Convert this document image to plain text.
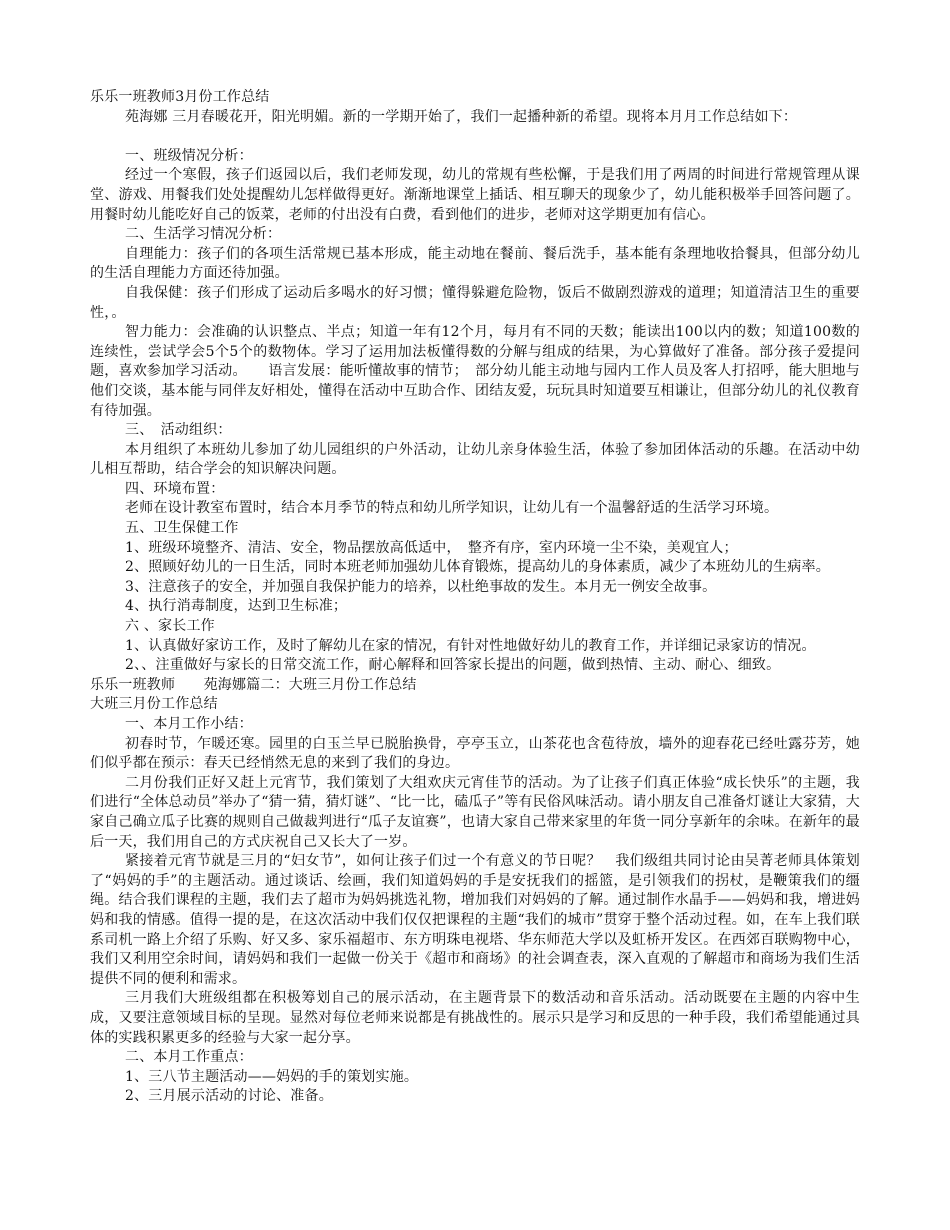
乐乐一班教师3月份工作总结

苑海娜 三月春暖花开，阳光明媚。新的一学期开始了，我们一起播种新的希望。现将本月月工作总结如下：

一、班级情况分析：

经过一个寒假，孩子们返园以后，我们老师发现，幼儿的常规有些松懈，于是我们用了两周的时间进行常规管理从课堂、游戏、用餐我们处处提醒幼儿怎样做得更好。渐渐地课堂上插话、相互聊天的现象少了，幼儿能积极举手回答问题了。用餐时幼儿能吃好自己的饭菜，老师的付出没有白费，看到他们的进步，老师对这学期更加有信心。

二、生活学习情况分析：

自理能力：孩子们的各项生活常规已基本形成，能主动地在餐前、餐后洗手，基本能有条理地收拾餐具，但部分幼儿的生活自理能力方面还待加强。

自我保健：孩子们形成了运动后多喝水的好习惯；懂得躲避危险物，饭后不做剧烈游戏的道理；知道清洁卫生的重要性，。

智力能力：会准确的认识整点、半点；知道一年有12个月，每月有不同的天数；能读出100以内的数；知道100数的连续性，尝试学会5个5个的数物体。学习了运用加法板懂得数的分解与组成的结果，为心算做好了准备。部分孩子爱提问题，喜欢参加学习活动。　　语言发展：能听懂故事的情节；　部分幼儿能主动地与园内工作人员及客人打招呼，能大胆地与他们交谈，基本能与同伴友好相处，懂得在活动中互助合作、团结友爱，玩玩具时知道要互相谦让，但部分幼儿的礼仪教育有待加强。

三、　活动组织：

本月组织了本班幼儿参加了幼儿园组织的户外活动，让幼儿亲身体验生活，体验了参加团体活动的乐趣。在活动中幼儿相互帮助，结合学会的知识解决问题。

四、环境布置：

老师在设计教室布置时，结合本月季节的特点和幼儿所学知识，让幼儿有一个温馨舒适的生活学习环境。

五、卫生保健工作

1、班级环境整齐、清洁、安全，物品摆放高低适中，　整齐有序，室内环境一尘不染，美观宜人；

2、照顾好幼儿的一日生活，同时本班老师加强幼儿体育锻炼，提高幼儿的身体素质，减少了本班幼儿的生病率。

3、注意孩子的安全，并加强自我保护能力的培养，以杜绝事故的发生。本月无一例安全故事。

4、执行消毒制度，达到卫生标准；

六 、家长工作

1、认真做好家访工作，及时了解幼儿在家的情况，有针对性地做好幼儿的教育工作，并详细记录家访的情况。

2、、注重做好与家长的日常交流工作，耐心解释和回答家长提出的问题，做到热情、主动、耐心、细致。

乐乐一班教师　　苑海娜篇二：大班三月份工作总结

大班三月份工作总结

一、本月工作小结：

初春时节，乍暖还寒。园里的白玉兰早已脱胎换骨，亭亭玉立，山茶花也含苞待放，墙外的迎春花已经吐露芬芳，她们似乎都在预示：春天已经悄然无息的来到了我们的身边。

二月份我们正好又赶上元宵节，我们策划了大组欢庆元宵佳节的活动。为了让孩子们真正体验“成长快乐”的主题，我们进行“全体总动员”举办了“猜一猜，猜灯谜”、“比一比，磕瓜子”等有民俗风味活动。请小朋友自己准备灯谜让大家猜，大家自己确立瓜子比赛的规则自己做裁判进行“瓜子友谊赛”，也请大家自己带来家里的年货一同分享新年的余味。在新年的最后一天，我们用自己的方式庆祝自己又长大了一岁。

紧接着元宵节就是三月的“妇女节”，如何让孩子们过一个有意义的节日呢？　我们级组共同讨论由吴菁老师具体策划了“妈妈的手”的主题活动。通过谈话、绘画，我们知道妈妈的手是安抚我们的摇篮，是引领我们的拐杖，是鞭策我们的缰绳。结合我们课程的主题，我们去了超市为妈妈挑选礼物，增加我们对妈妈的了解。通过制作水晶手——妈妈和我，增进妈妈和我的情感。值得一提的是，在这次活动中我们仅仅把课程的主题“我们的城市”贯穿于整个活动过程。如，在车上我们联系司机一路上介绍了乐购、好又多、家乐福超市、东方明珠电视塔、华东师范大学以及虹桥开发区。在西郊百联购物中心，我们又利用空余时间，请妈妈和我们一起做一份关于《超市和商场》的社会调查表，深入直观的了解超市和商场为我们生活提供不同的便利和需求。

三月我们大班级组都在积极筹划自己的展示活动，在主题背景下的数活动和音乐活动。活动既要在主题的内容中生成，又要注意领域目标的呈现。显然对每位老师来说都是有挑战性的。展示只是学习和反思的一种手段，我们希望能通过具体的实践积累更多的经验与大家一起分享。

二、本月工作重点：

1、三八节主题活动——妈妈的手的策划实施。

2、三月展示活动的讨论、准备。
